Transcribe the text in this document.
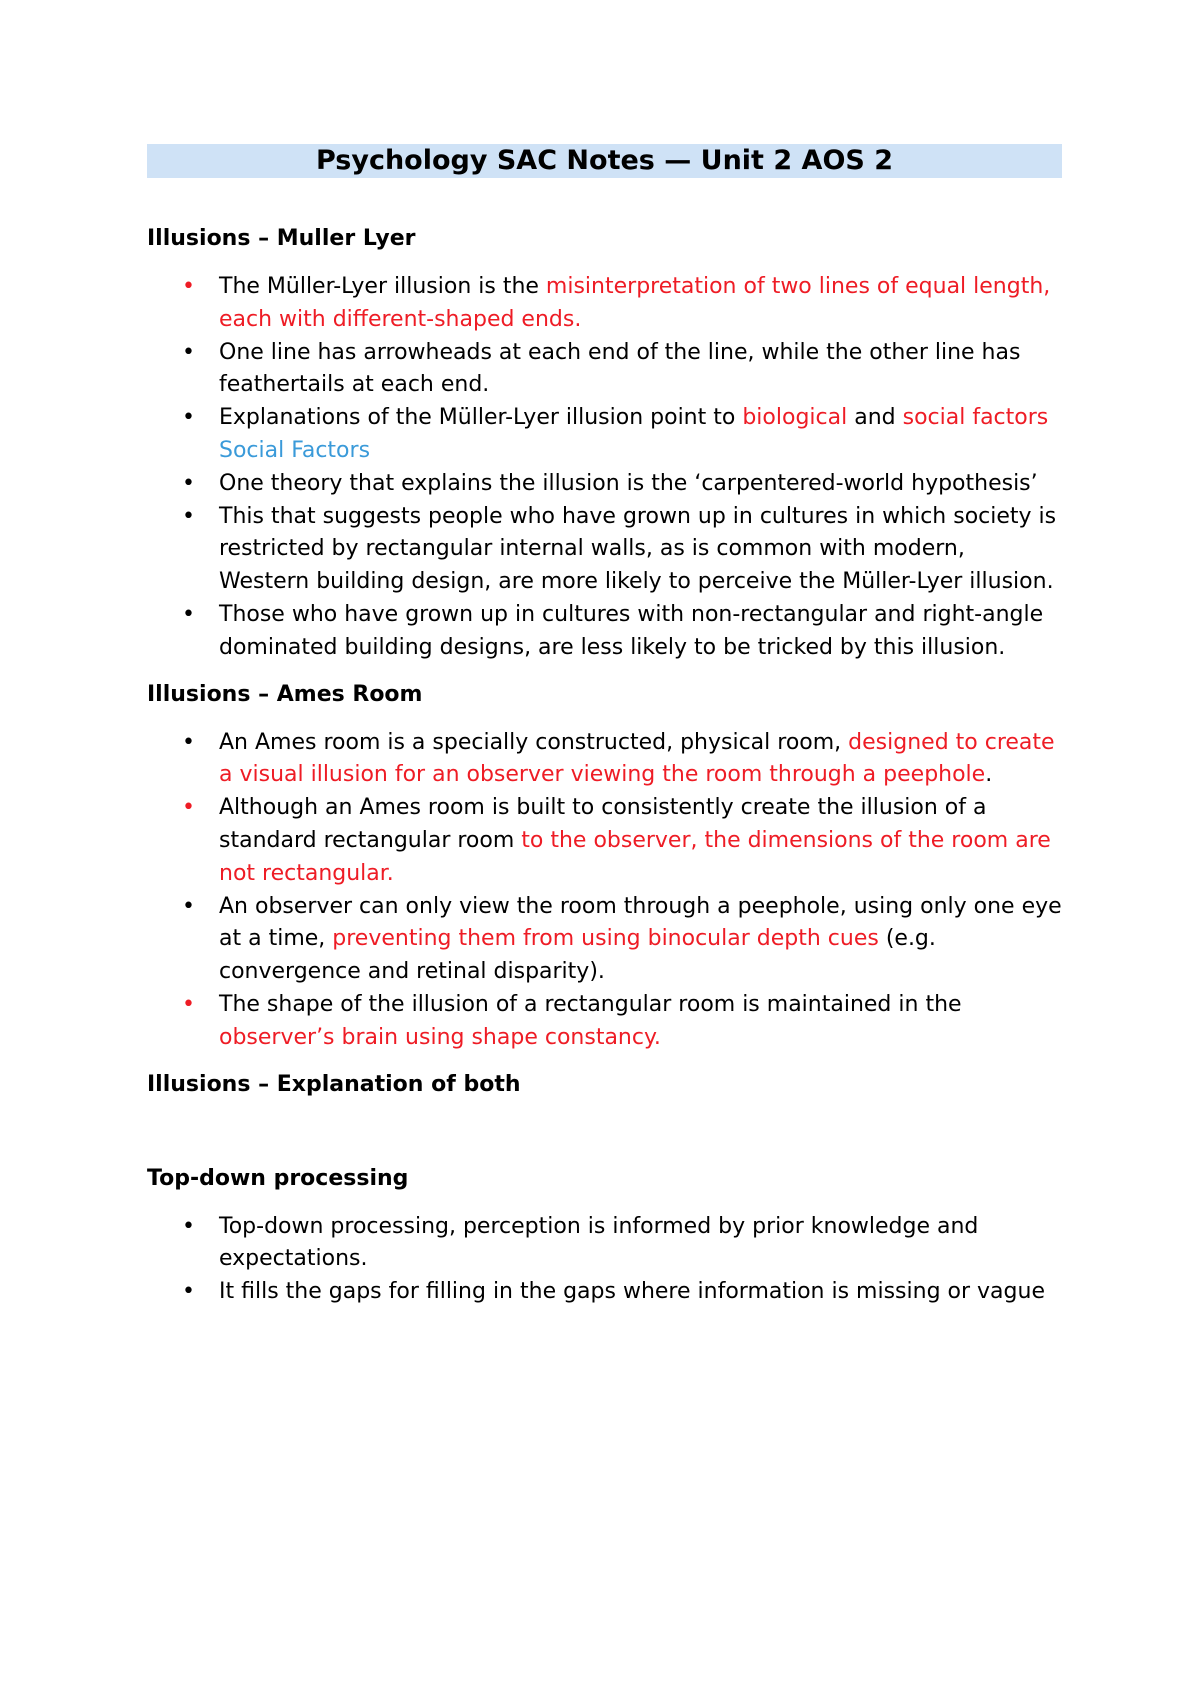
Psychology SAC Notes — Unit 2 AOS 2
Illusions – Muller Lyer
• The Müller-Lyer illusion is the misinterpretation of two lines of equal length, each with different-shaped ends.
• One line has arrowheads at each end of the line, while the other line has feathertails at each end.
• Explanations of the Müller-Lyer illusion point to biological and social factors
Social Factors
• One theory that explains the illusion is the ‘carpentered-world hypothesis’
• This that suggests people who have grown up in cultures in which society is restricted by rectangular internal walls, as is common with modern, Western building design, are more likely to perceive the Müller-Lyer illusion.
• Those who have grown up in cultures with non-rectangular and right-angle dominated building designs, are less likely to be tricked by this illusion.
Illusions – Ames Room
• An Ames room is a specially constructed, physical room, designed to create a visual illusion for an observer viewing the room through a peephole.
• Although an Ames room is built to consistently create the illusion of a standard rectangular room to the observer, the dimensions of the room are not rectangular.
• An observer can only view the room through a peephole, using only one eye at a time, preventing them from using binocular depth cues (e.g. convergence and retinal disparity).
• The shape of the illusion of a rectangular room is maintained in the observer’s brain using shape constancy.
Illusions – Explanation of both
Top-down processing
• Top-down processing, perception is informed by prior knowledge and expectations.
• It fills the gaps for filling in the gaps where information is missing or vague
